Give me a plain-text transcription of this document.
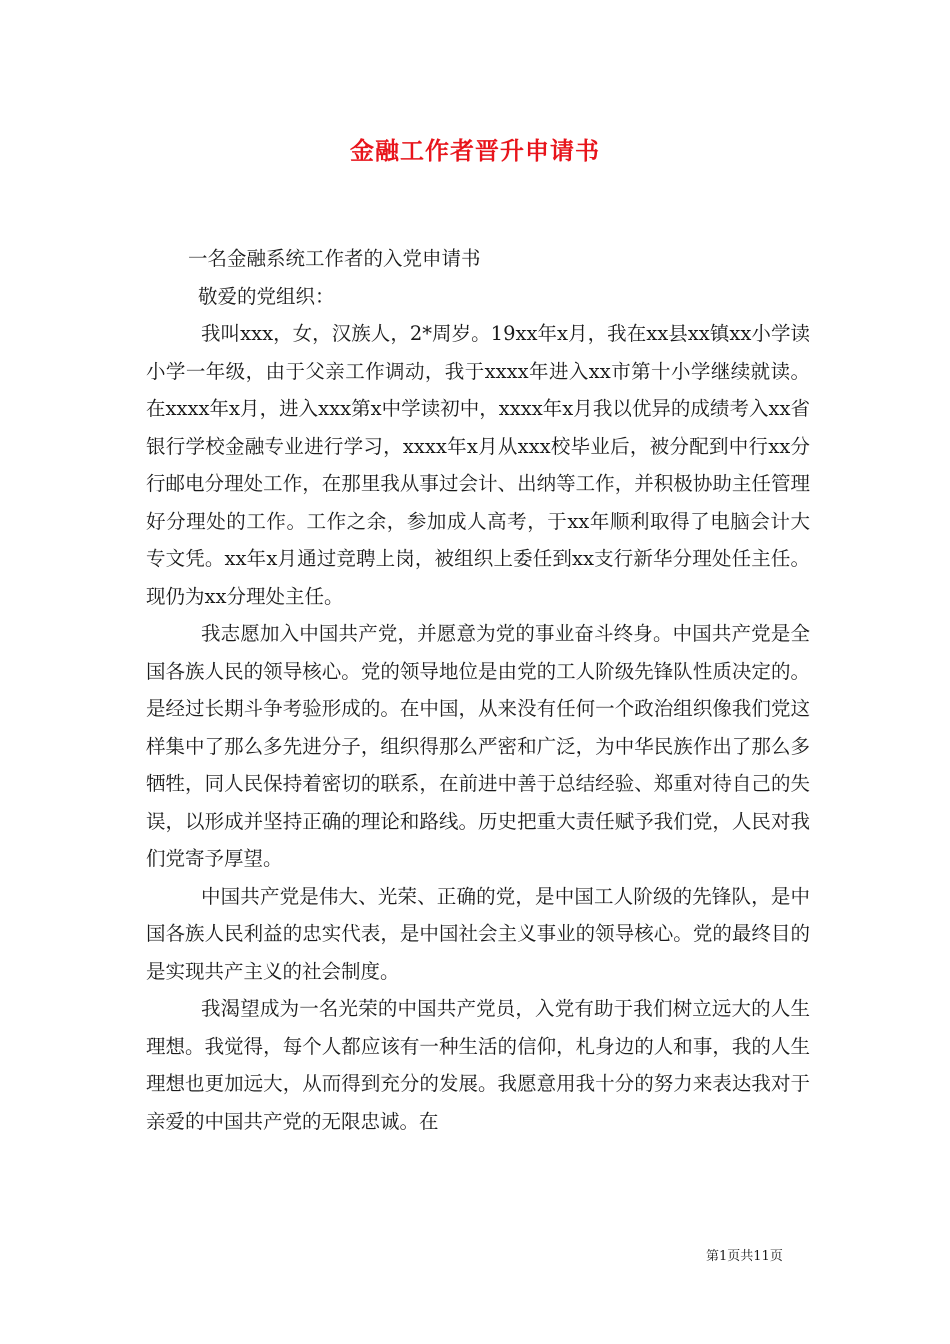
金融工作者晋升申请书

一名金融系统工作者的入党申请书

敬爱的党组织：

我叫xxx，女，汉族人，2*周岁。19xx年x月，我在xx县xx镇xx小学读小学一年级，由于父亲工作调动，我于xxxx年进入xx市第十小学继续就读。在xxxx年x月，进入xxx第x中学读初中，xxxx年x月我以优异的成绩考入xx省银行学校金融专业进行学习，xxxx年x月从xxx校毕业后，被分配到中行xx分行邮电分理处工作，在那里我从事过会计、出纳等工作，并积极协助主任管理好分理处的工作。工作之余，参加成人高考，于xx年顺利取得了电脑会计大专文凭。xx年x月通过竞聘上岗，被组织上委任到xx支行新华分理处任主任。现仍为xx分理处主任。

我志愿加入中国共产党，并愿意为党的事业奋斗终身。中国共产党是全国各族人民的领导核心。党的领导地位是由党的工人阶级先锋队性质决定的。是经过长期斗争考验形成的。在中国，从来没有任何一个政治组织像我们党这样集中了那么多先进分子，组织得那么严密和广泛，为中华民族作出了那么多牺牲，同人民保持着密切的联系，在前进中善于总结经验、郑重对待自己的失误，以形成并坚持正确的理论和路线。历史把重大责任赋予我们党，人民对我们党寄予厚望。

中国共产党是伟大、光荣、正确的党，是中国工人阶级的先锋队，是中国各族人民利益的忠实代表，是中国社会主义事业的领导核心。党的最终目的是实现共产主义的社会制度。

我渴望成为一名光荣的中国共产党员，入党有助于我们树立远大的人生理想。我觉得，每个人都应该有一种生活的信仰，札身边的人和事，我的人生理想也更加远大，从而得到充分的发展。我愿意用我十分的努力来表达我对于亲爱的中国共产党的无限忠诚。在

第1页共11页
